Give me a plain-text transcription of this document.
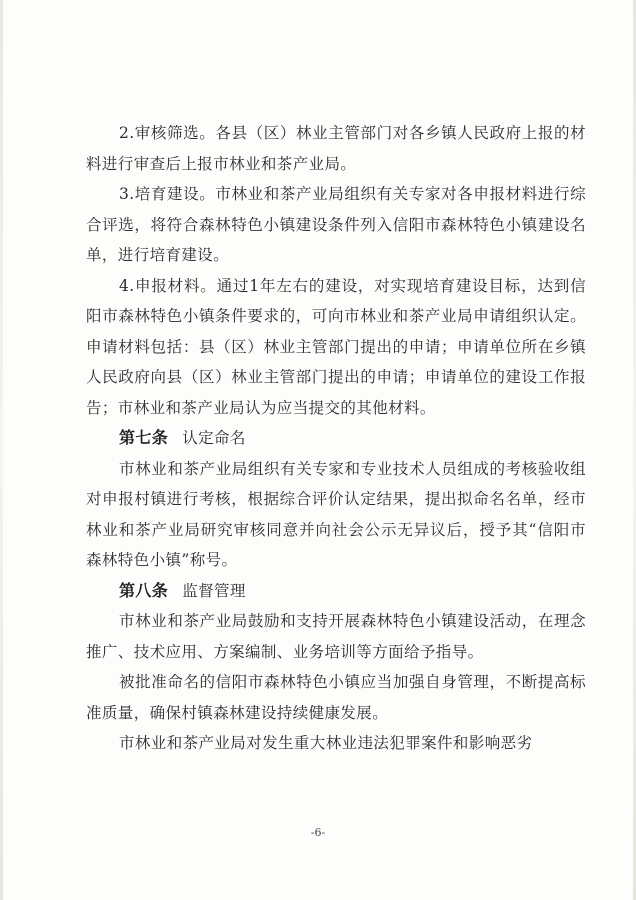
2.审核筛选。各县（区）林业主管部门对各乡镇人民政府上报的材料进行审查后上报市林业和茶产业局。

3.培育建设。市林业和茶产业局组织有关专家对各申报材料进行综合评选，将符合森林特色小镇建设条件列入信阳市森林特色小镇建设名单，进行培育建设。

4.申报材料。通过1年左右的建设，对实现培育建设目标，达到信阳市森林特色小镇条件要求的，可向市林业和茶产业局申请组织认定。申请材料包括：县（区）林业主管部门提出的申请；申请单位所在乡镇人民政府向县（区）林业主管部门提出的申请；申请单位的建设工作报告；市林业和茶产业局认为应当提交的其他材料。

第七条 认定命名

市林业和茶产业局组织有关专家和专业技术人员组成的考核验收组对申报村镇进行考核，根据综合评价认定结果，提出拟命名名单，经市林业和茶产业局研究审核同意并向社会公示无异议后，授予其“信阳市森林特色小镇”称号。

第八条 监督管理

市林业和茶产业局鼓励和支持开展森林特色小镇建设活动，在理念推广、技术应用、方案编制、业务培训等方面给予指导。

被批准命名的信阳市森林特色小镇应当加强自身管理，不断提高标准质量，确保村镇森林建设持续健康发展。

市林业和茶产业局对发生重大林业违法犯罪案件和影响恶劣

-6-
